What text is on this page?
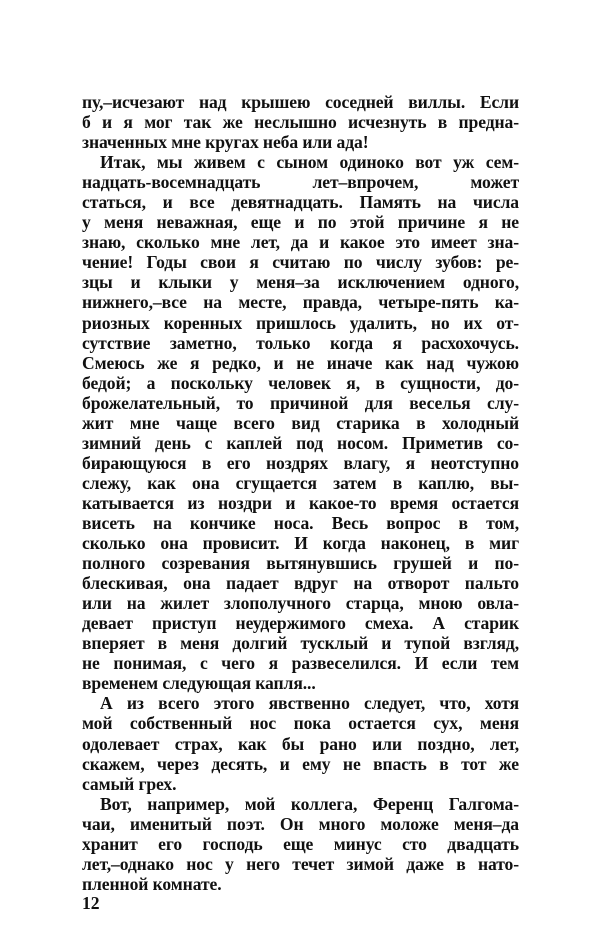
пу,–исчезают над крышею соседней виллы. Если
б и я мог так же неслышно исчезнуть в предна-
значенных мне кругах неба или ада!
Итак, мы живем с сыном одиноко вот уж сем-
надцать-восемнадцать лет–впрочем, может
статься, и все девятнадцать. Память на числа
у меня неважная, еще и по этой причине я не
знаю, сколько мне лет, да и какое это имеет зна-
чение! Годы свои я считаю по числу зубов: ре-
зцы и клыки у меня–за исключением одного,
нижнего,–все на месте, правда, четыре-пять ка-
риозных коренных пришлось удалить, но их от-
сутствие заметно, только когда я расхохочусь.
Смеюсь же я редко, и не иначе как над чужою
бедой; а поскольку человек я, в сущности, до-
брожелательный, то причиной для веселья слу-
жит мне чаще всего вид старика в холодный
зимний день с каплей под носом. Приметив со-
бирающуюся в его ноздрях влагу, я неотступно
слежу, как она сгущается затем в каплю, вы-
катывается из ноздри и какое-то время остается
висеть на кончике носа. Весь вопрос в том,
сколько она провисит. И когда наконец, в миг
полного созревания вытянувшись грушей и по-
блескивая, она падает вдруг на отворот пальто
или на жилет злополучного старца, мною овла-
девает приступ неудержимого смеха. А старик
вперяет в меня долгий тусклый и тупой взгляд,
не понимая, с чего я развеселился. И если тем
временем следующая капля...
А из всего этого явственно следует, что, хотя
мой собственный нос пока остается сух, меня
одолевает страх, как бы рано или поздно, лет,
скажем, через десять, и ему не впасть в тот же
самый грех.
Вот, например, мой коллега, Ференц Галгома-
чаи, именитый поэт. Он много моложе меня–да
хранит его господь еще минус сто двадцать
лет,–однако нос у него течет зимой даже в нато-
пленной комнате.
12
